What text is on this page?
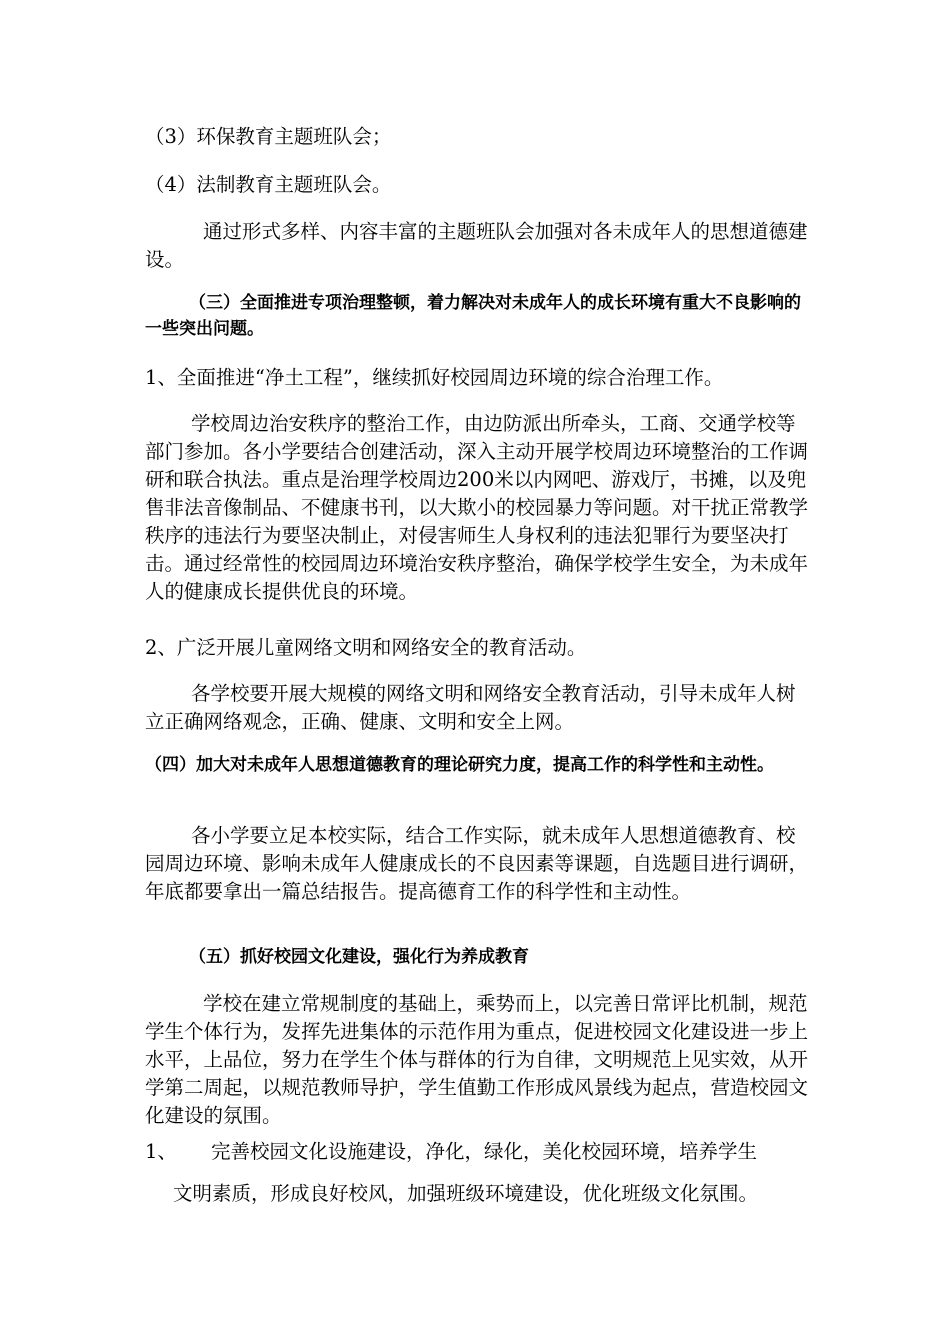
（3）环保教育主题班队会；
（4）法制教育主题班队会。
通过形式多样、内容丰富的主题班队会加强对各未成年人的思想道德建设。
（三）全面推进专项治理整顿，着力解决对未成年人的成长环境有重大不良影响的一些突出问题。
1、全面推进“净土工程”，继续抓好校园周边环境的综合治理工作。
学校周边治安秩序的整治工作，由边防派出所牵头，工商、交通学校等部门参加。各小学要结合创建活动，深入主动开展学校周边环境整治的工作调研和联合执法。重点是治理学校周边200米以内网吧、游戏厅，书摊，以及兜售非法音像制品、不健康书刊，以大欺小的校园暴力等问题。对干扰正常教学秩序的违法行为要坚决制止，对侵害师生人身权利的违法犯罪行为要坚决打击。通过经常性的校园周边环境治安秩序整治，确保学校学生安全，为未成年人的健康成长提供优良的环境。
2、广泛开展儿童网络文明和网络安全的教育活动。
各学校要开展大规模的网络文明和网络安全教育活动，引导未成年人树立正确网络观念，正确、健康、文明和安全上网。
（四）加大对未成年人思想道德教育的理论研究力度，提高工作的科学性和主动性。
各小学要立足本校实际，结合工作实际，就未成年人思想道德教育、校园周边环境、影响未成年人健康成长的不良因素等课题，自选题目进行调研，年底都要拿出一篇总结报告。提高德育工作的科学性和主动性。
（五）抓好校园文化建设，强化行为养成教育
学校在建立常规制度的基础上，乘势而上，以完善日常评比机制，规范学生个体行为，发挥先进集体的示范作用为重点，促进校园文化建设进一步上水平，上品位，努力在学生个体与群体的行为自律，文明规范上见实效，从开学第二周起，以规范教师导护，学生值勤工作形成风景线为起点，营造校园文化建设的氛围。
1、 完善校园文化设施建设，净化，绿化，美化校园环境，培养学生
文明素质，形成良好校风，加强班级环境建设，优化班级文化氛围。
